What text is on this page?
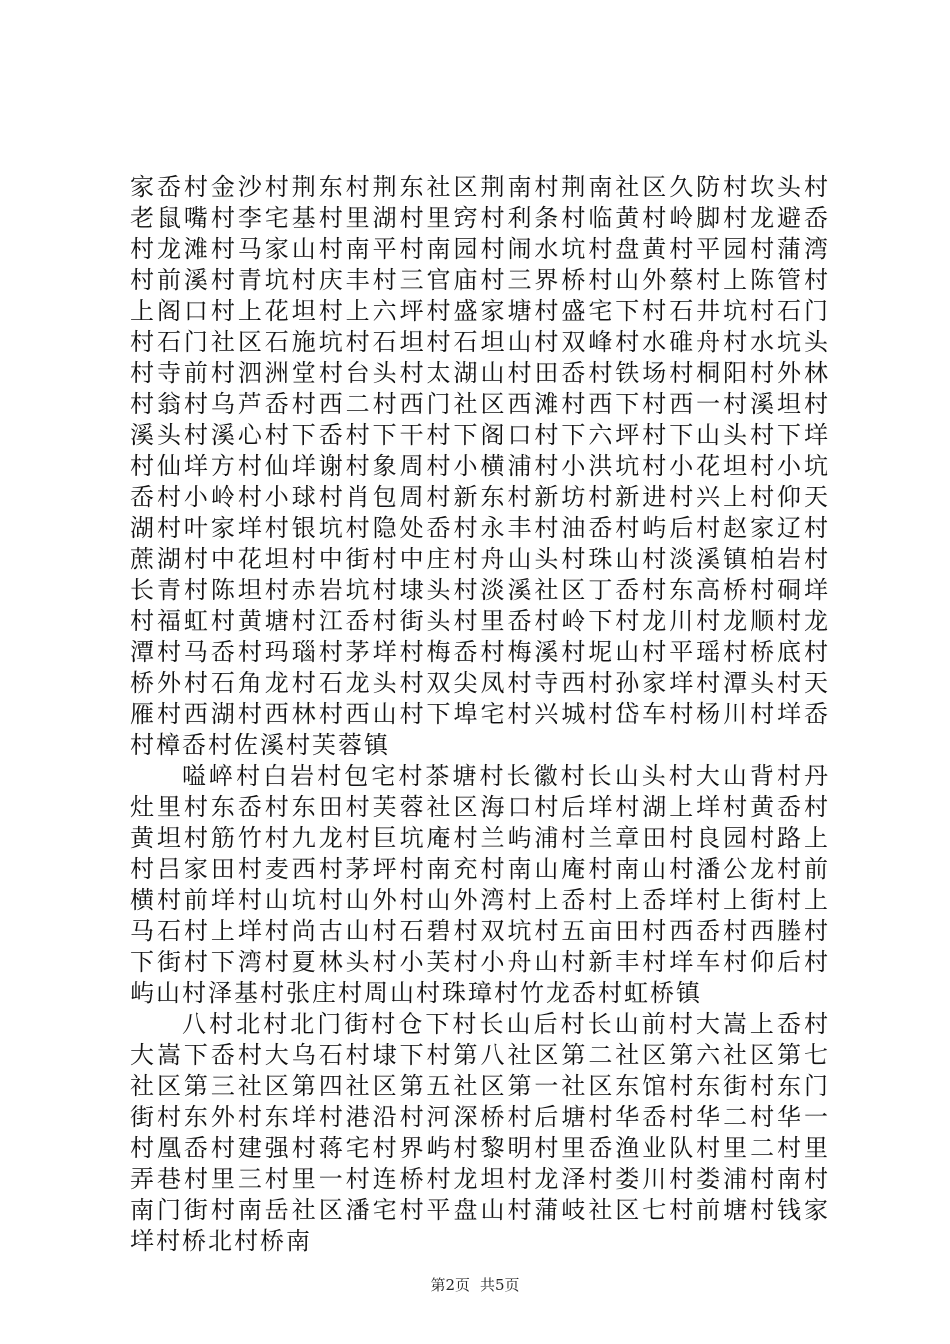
家岙村金沙村荆东村荆东社区荆南村荆南社区久防村坎头村老鼠嘴村李宅基村里湖村里窍村利条村临黄村岭脚村龙避岙村龙滩村马家山村南平村南园村闹水坑村盘黄村平园村蒲湾村前溪村青坑村庆丰村三官庙村三界桥村山外蔡村上陈管村上阁口村上花坦村上六坪村盛家塘村盛宅下村石井坑村石门村石门社区石施坑村石坦村石坦山村双峰村水碓舟村水坑头村寺前村泗洲堂村台头村太湖山村田岙村铁场村桐阳村外林村翁村乌芦岙村西二村西门社区西滩村西下村西一村溪坦村溪头村溪心村下岙村下干村下阁口村下六坪村下山头村下垟村仙垟方村仙垟谢村象周村小横浦村小洪坑村小花坦村小坑岙村小岭村小球村肖包周村新东村新坊村新进村兴上村仰天湖村叶家垟村银坑村隐处岙村永丰村油岙村屿后村赵家辽村蔗湖村中花坦村中街村中庄村舟山头村珠山村淡溪镇柏岩村长青村陈坦村赤岩坑村埭头村淡溪社区丁岙村东高桥村硐垟村福虹村黄塘村江岙村街头村里岙村岭下村龙川村龙顺村龙潭村马岙村玛瑙村茅垟村梅岙村梅溪村坭山村平瑶村桥底村桥外村石角龙村石龙头村双尖凤村寺西村孙家垟村潭头村天雁村西湖村西林村西山村下埠宅村兴城村岱车村杨川村垟岙村樟岙村佐溪村芙蓉镇

嗌崪村白岩村包宅村茶塘村长徽村长山头村大山背村丹灶里村东岙村东田村芙蓉社区海口村后垟村湖上垟村黄岙村黄坦村筋竹村九龙村巨坑庵村兰屿浦村兰章田村良园村路上村吕家田村麦西村茅坪村南充村南山庵村南山村潘公龙村前横村前垟村山坑村山外村山外湾村上岙村上岙垟村上街村上马石村上垟村尚古山村石碧村双坑村五亩田村西岙村西塍村下街村下湾村夏林头村小芙村小舟山村新丰村垟车村仰后村屿山村泽基村张庄村周山村珠璋村竹龙岙村虹桥镇

八村北村北门街村仓下村长山后村长山前村大嵩上岙村大嵩下岙村大乌石村埭下村第八社区第二社区第六社区第七社区第三社区第四社区第五社区第一社区东馆村东街村东门街村东外村东垟村港沿村河深桥村后塘村华岙村华二村华一村凰岙村建强村蒋宅村界屿村黎明村里岙渔业队村里二村里弄巷村里三村里一村连桥村龙坦村龙泽村娄川村娄浦村南村南门街村南岳社区潘宅村平盘山村蒲岐社区七村前塘村钱家垟村桥北村桥南

第2页 共5页
